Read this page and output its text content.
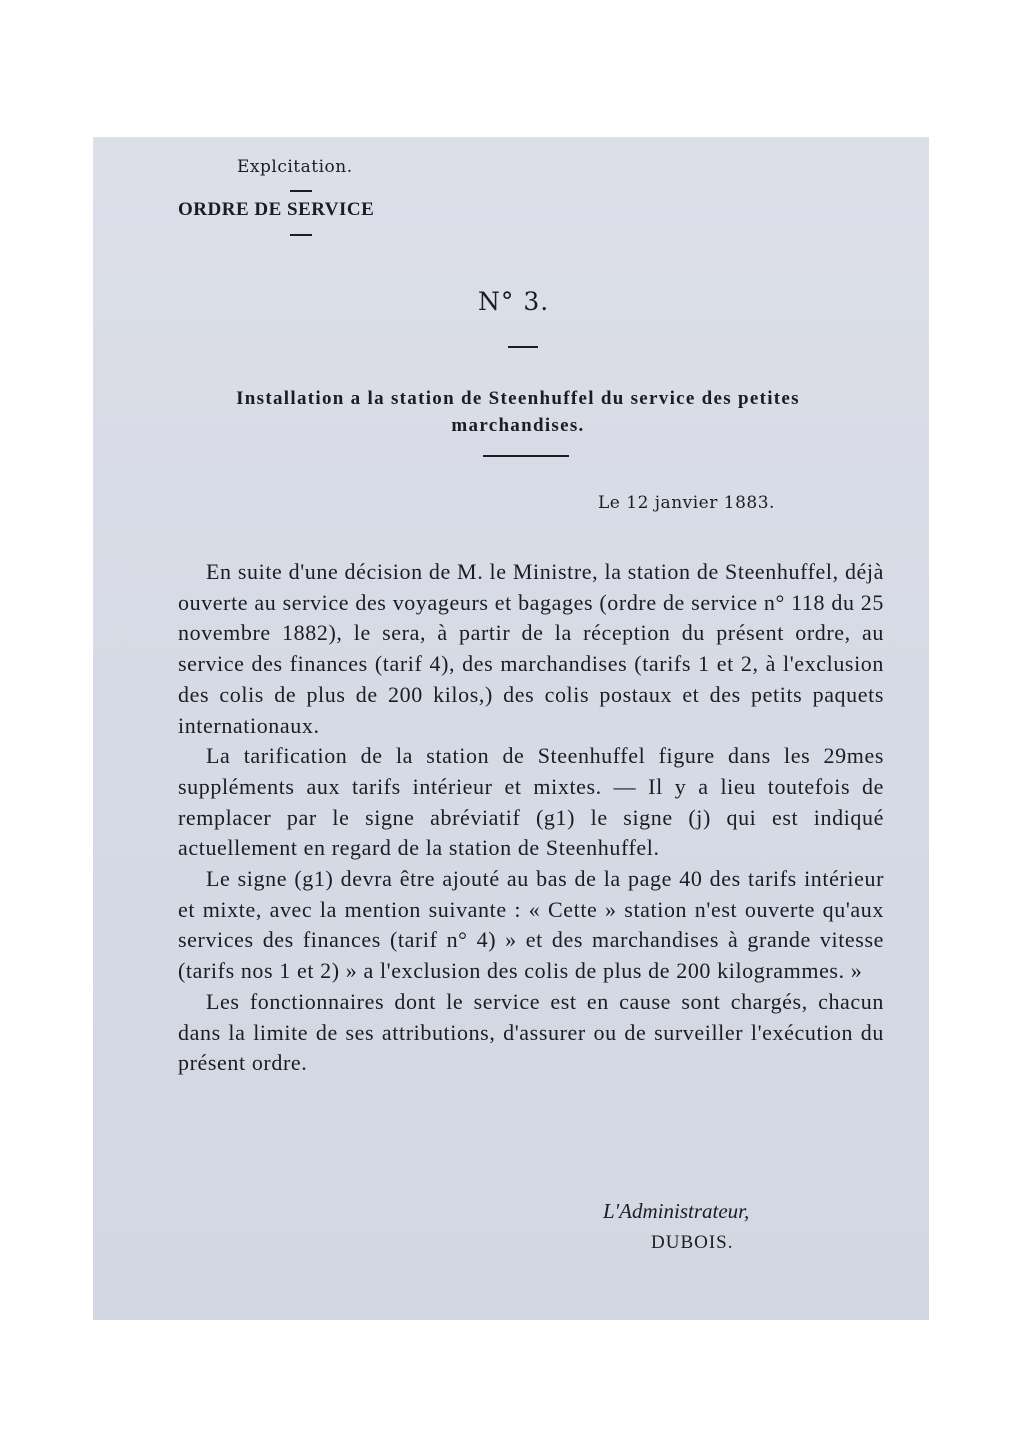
Explcitation.
ORDRE DE SERVICE
N° 3.
Installation a la station de Steenhuffel du service des petites marchandises.
Le 12 janvier 1883.

En suite d'une décision de M. le Ministre, la station de Steenhuffel, déjà ouverte au service des voyageurs et bagages (ordre de service n° 118 du 25 novembre 1882), le sera, à partir de la réception du présent ordre, au service des finances (tarif 4), des marchandises (tarifs 1 et 2, à l'exclusion des colis de plus de 200 kilos,) des colis postaux et des petits paquets internationaux.

La tarification de la station de Steenhuffel figure dans les 29mes suppléments aux tarifs intérieur et mixtes. — Il y a lieu toutefois de remplacer par le signe abréviatif (g1) le signe (j) qui est indiqué actuellement en regard de la station de Steenhuffel.

Le signe (g1) devra être ajouté au bas de la page 40 des tarifs intérieur et mixte, avec la mention suivante : « Cette » station n'est ouverte qu'aux services des finances (tarif n° 4) » et des marchandises à grande vitesse (tarifs nos 1 et 2) » a l'exclusion des colis de plus de 200 kilogrammes. »

Les fonctionnaires dont le service est en cause sont chargés, chacun dans la limite de ses attributions, d'assurer ou de surveiller l'exécution du présent ordre.

L'Administrateur,
DUBOIS.
